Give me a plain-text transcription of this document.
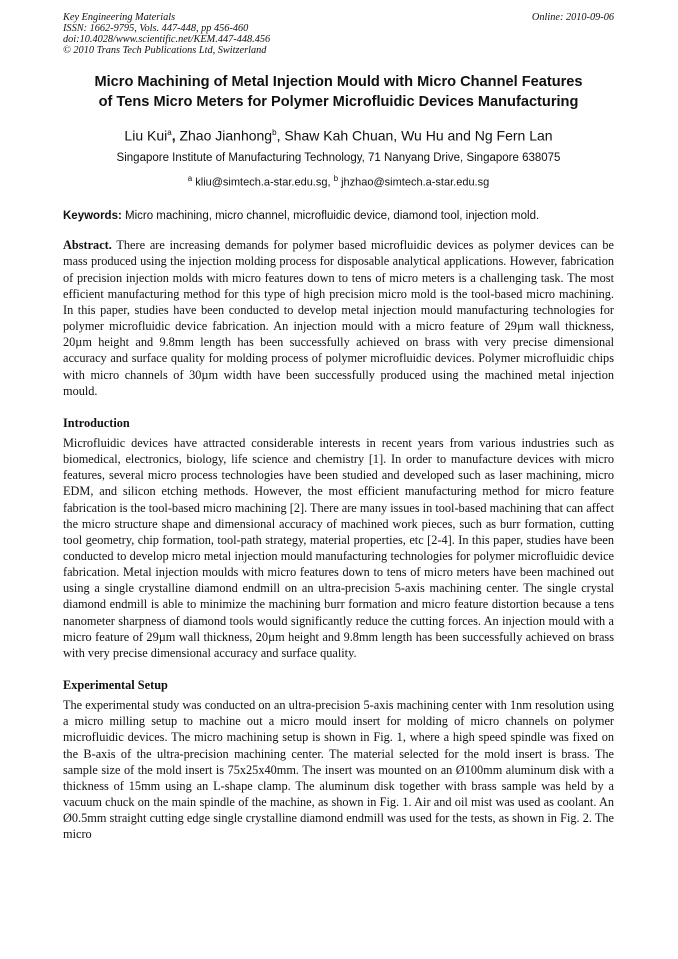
Key Engineering Materials
ISSN: 1662-9795, Vols. 447-448, pp 456-460
doi:10.4028/www.scientific.net/KEM.447-448.456
© 2010 Trans Tech Publications Ltd, Switzerland
Online: 2010-09-06
Micro Machining of Metal Injection Mould with Micro Channel Features
of Tens Micro Meters for Polymer Microfluidic Devices Manufacturing
Liu Kui$^a$, Zhao Jianhong$^b$, Shaw Kah Chuan, Wu Hu and Ng Fern Lan
Singapore Institute of Manufacturing Technology, 71 Nanyang Drive, Singapore 638075
$^a$ kliu@simtech.a-star.edu.sg, $^b$ jhzhao@simtech.a-star.edu.sg
Keywords: Micro machining, micro channel, microfluidic device, diamond tool, injection mold.
Abstract. There are increasing demands for polymer based microfluidic devices as polymer devices can be mass produced using the injection molding process for disposable analytical applications. However, fabrication of precision injection molds with micro features down to tens of micro meters is a challenging task. The most efficient manufacturing method for this type of high precision micro mold is the tool-based micro machining. In this paper, studies have been conducted to develop metal injection mould manufacturing technologies for polymer microfluidic device fabrication. An injection mould with a micro feature of 29µm wall thickness, 20µm height and 9.8mm length has been successfully achieved on brass with very precise dimensional accuracy and surface quality for molding process of polymer microfluidic devices. Polymer microfluidic chips with micro channels of 30µm width have been successfully produced using the machined metal injection mould.
Introduction
Microfluidic devices have attracted considerable interests in recent years from various industries such as biomedical, electronics, biology, life science and chemistry [1]. In order to manufacture devices with micro features, several micro process technologies have been studied and developed such as laser machining, micro EDM, and silicon etching methods. However, the most efficient manufacturing method for micro feature fabrication is the tool-based micro machining [2]. There are many issues in tool-based machining that can affect the micro structure shape and dimensional accuracy of machined work pieces, such as burr formation, cutting tool geometry, chip formation, tool-path strategy, material properties, etc [2-4]. In this paper, studies have been conducted to develop micro metal injection mould manufacturing technologies for polymer microfluidic device fabrication. Metal injection moulds with micro features down to tens of micro meters have been machined out using a single crystalline diamond endmill on an ultra-precision 5-axis machining center. The single crystal diamond endmill is able to minimize the machining burr formation and micro feature distortion because a tens nanometer sharpness of diamond tools would significantly reduce the cutting forces. An injection mould with a micro feature of 29µm wall thickness, 20µm height and 9.8mm length has been successfully achieved on brass with very precise dimensional accuracy and surface quality.
Experimental Setup
The experimental study was conducted on an ultra-precision 5-axis machining center with 1nm resolution using a micro milling setup to machine out a micro mould insert for molding of micro channels on polymer microfluidic devices. The micro machining setup is shown in Fig. 1, where a high speed spindle was fixed on the B-axis of the ultra-precision machining center. The material selected for the mold insert is brass. The sample size of the mold insert is 75x25x40mm. The insert was mounted on an Ø100mm aluminum disk with a thickness of 15mm using an L-shape clamp. The aluminum disk together with brass sample was held by a vacuum chuck on the main spindle of the machine, as shown in Fig. 1. Air and oil mist was used as coolant. An Ø0.5mm straight cutting edge single crystalline diamond endmill was used for the tests, as shown in Fig. 2. The micro
